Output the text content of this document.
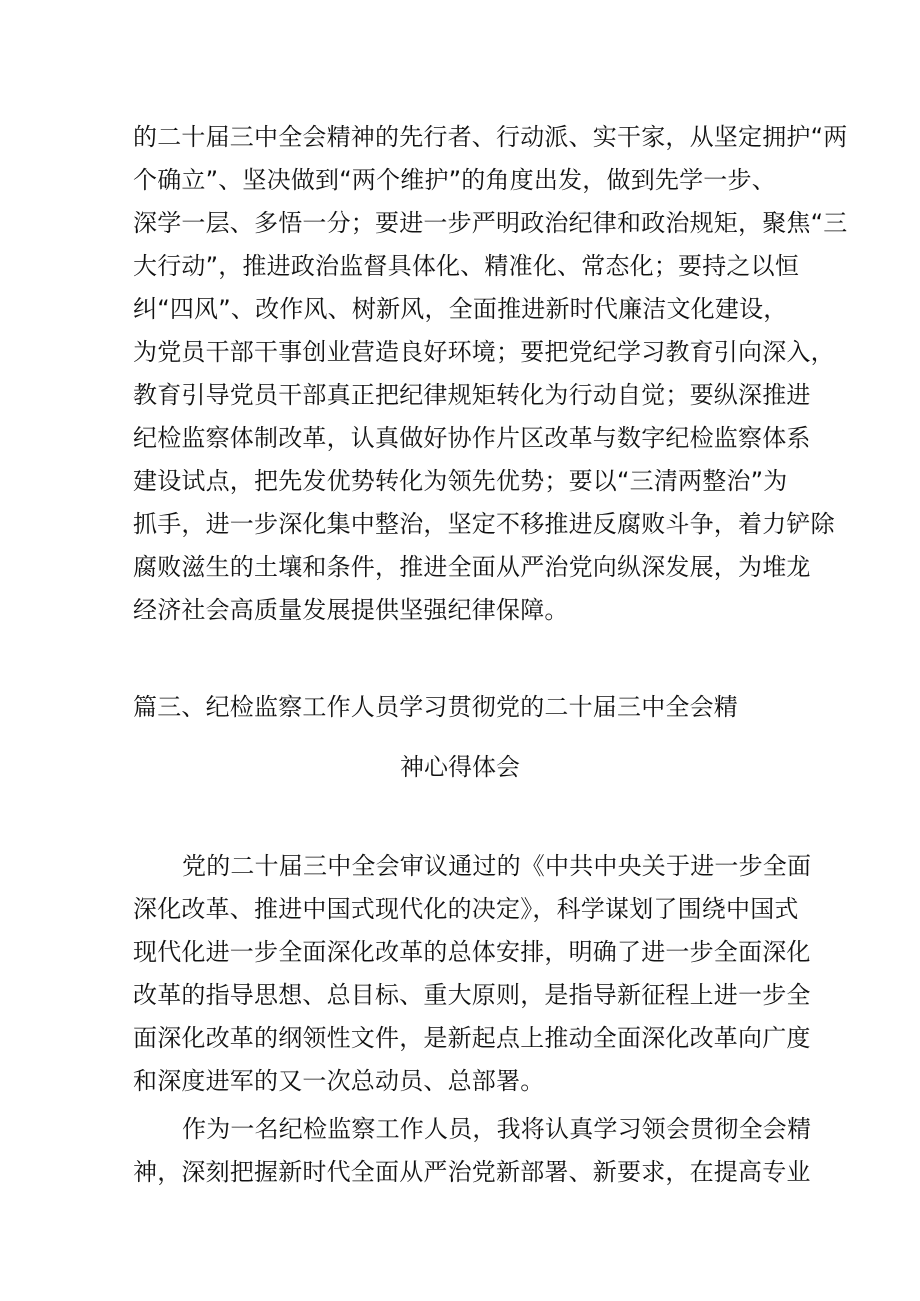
的二十届三中全会精神的先行者、行动派、实干家，从坚定拥护“两
个确立”、坚决做到“两个维护”的角度出发，做到先学一步、
深学一层、多悟一分；要进一步严明政治纪律和政治规矩，聚焦“三
大行动”，推进政治监督具体化、精准化、常态化；要持之以恒
纠“四风”、改作风、树新风，全面推进新时代廉洁文化建设，
为党员干部干事创业营造良好环境；要把党纪学习教育引向深入，
教育引导党员干部真正把纪律规矩转化为行动自觉；要纵深推进
纪检监察体制改革，认真做好协作片区改革与数字纪检监察体系
建设试点，把先发优势转化为领先优势；要以“三清两整治”为
抓手，进一步深化集中整治，坚定不移推进反腐败斗争，着力铲除
腐败滋生的土壤和条件，推进全面从严治党向纵深发展，为堆龙
经济社会高质量发展提供坚强纪律保障。
篇三、纪检监察工作人员学习贯彻党的二十届三中全会精
神心得体会
党的二十届三中全会审议通过的《中共中央关于进一步全面
深化改革、推进中国式现代化的决定》，科学谋划了围绕中国式
现代化进一步全面深化改革的总体安排，明确了进一步全面深化
改革的指导思想、总目标、重大原则，是指导新征程上进一步全
面深化改革的纲领性文件，是新起点上推动全面深化改革向广度
和深度进军的又一次总动员、总部署。
作为一名纪检监察工作人员，我将认真学习领会贯彻全会精
神，深刻把握新时代全面从严治党新部署、新要求，在提高专业
